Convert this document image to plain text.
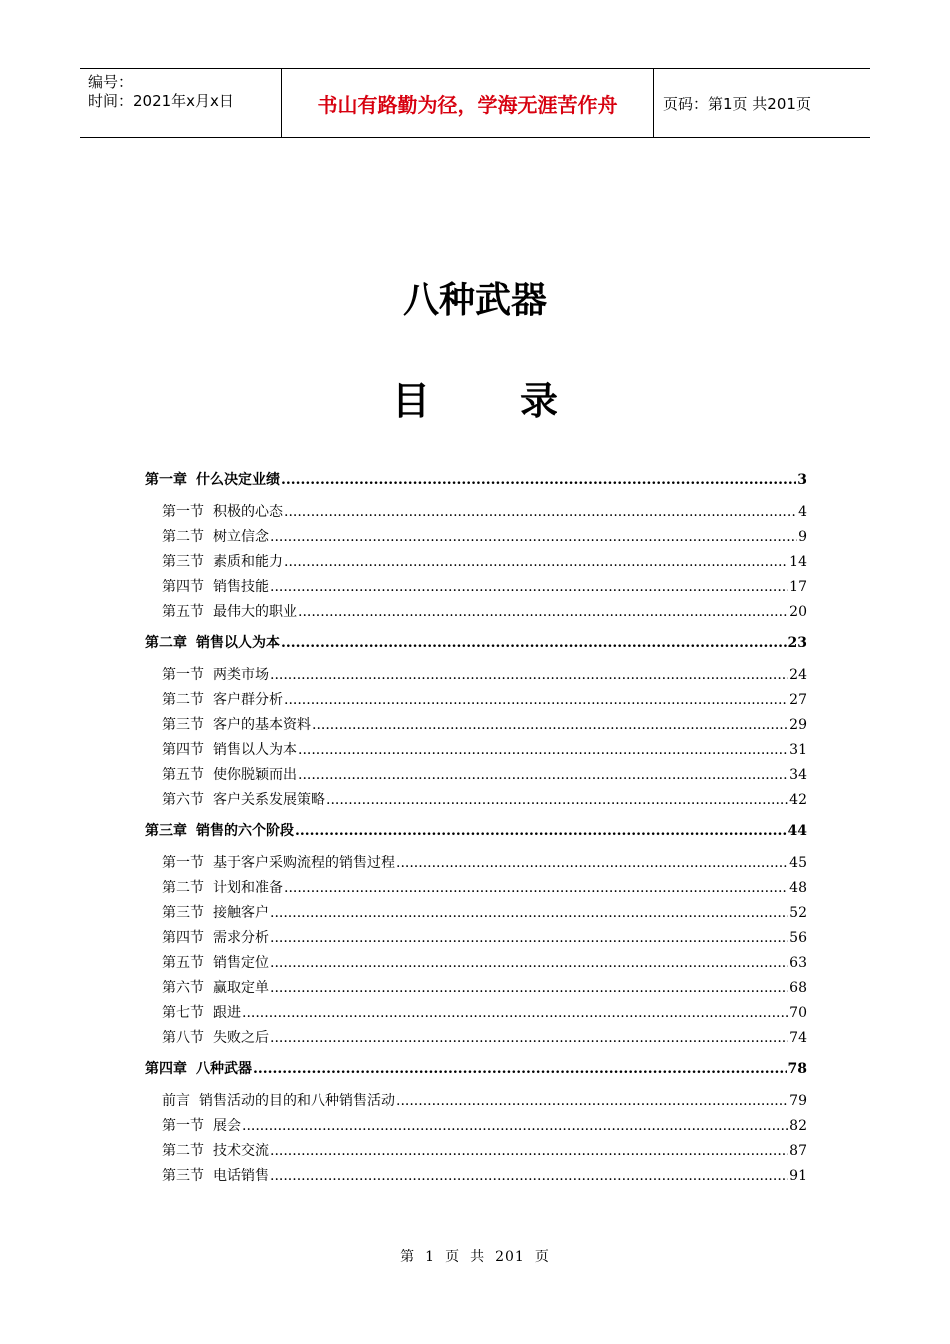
编号：
时间：2021年x月x日	书山有路勤为径，学海无涯苦作舟	页码：第1页 共201页
八种武器
目 录
第一章 什么决定业绩 .....	3
第一节 积极的心态 .....	4
第二节 树立信念 .....	9
第三节 素质和能力 .....	14
第四节 销售技能 .....	17
第五节 最伟大的职业 .....	20
第二章 销售以人为本 .....	23
第一节 两类市场 .....	24
第二节 客户群分析 .....	27
第三节 客户的基本资料 .....	29
第四节 销售以人为本 .....	31
第五节 使你脱颖而出 .....	34
第六节 客户关系发展策略 .....	42
第三章 销售的六个阶段 .....	44
第一节 基于客户采购流程的销售过程 .....	45
第二节 计划和准备 .....	48
第三节 接触客户 .....	52
第四节 需求分析 .....	56
第五节 销售定位 .....	63
第六节 赢取定单 .....	68
第七节 跟进 .....	70
第八节 失败之后 .....	74
第四章 八种武器 .....	78
前言 销售活动的目的和八种销售活动 .....	79
第一节 展会 .....	82
第二节 技术交流 .....	87
第三节 电话销售 .....	91
第 1 页 共 201 页
